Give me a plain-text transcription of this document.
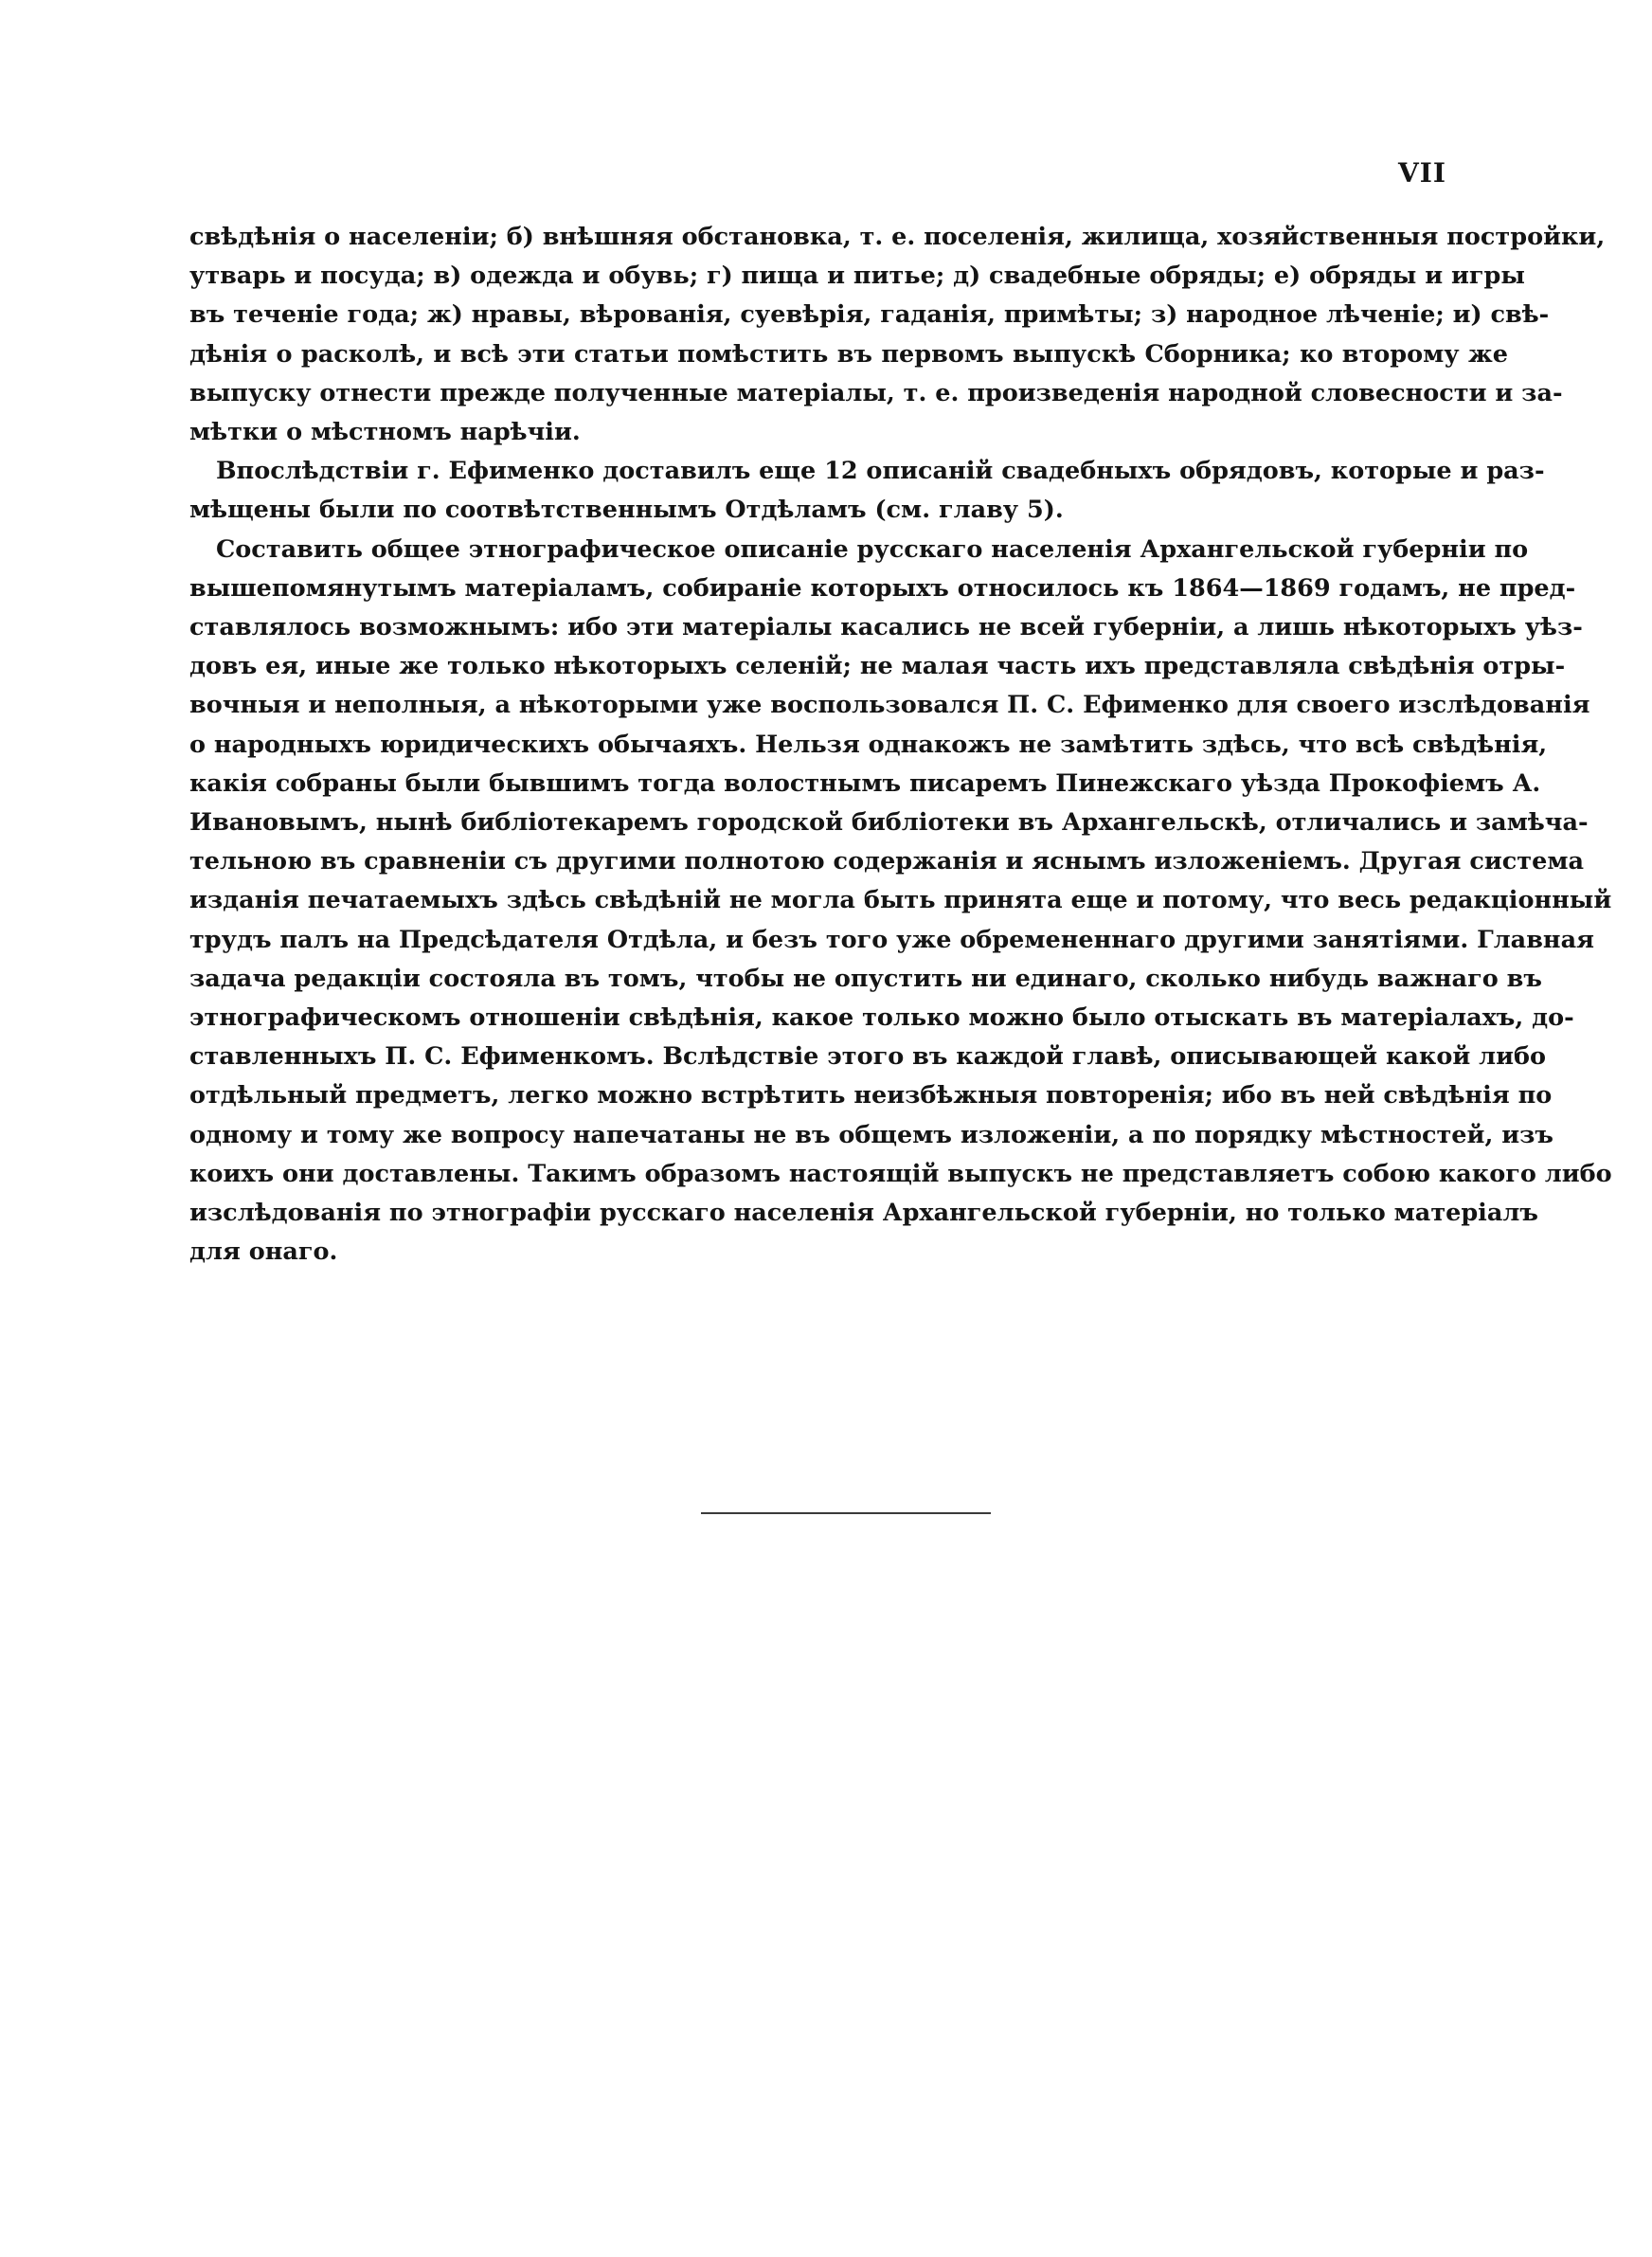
VII
свѣдѣнія о населеніи; б) внѣшняя обстановка, т. е. поселенія, жилища, хозяйственныя постройки,
утварь и посуда; в) одежда и обувь; г) пища и питье; д) свадебные обряды; е) обряды и игры
въ теченіе года; ж) нравы, вѣрованія, суевѣрія, гаданія, примѣты; з) народное лѣченіе; и) свѣ-
дѣнія о расколѣ, и всѣ эти статьи помѣстить въ первомъ выпускѣ Сборника; ко второму же
выпуску отнести прежде полученные матеріалы, т. е. произведенія народной словесности и за-
мѣтки о мѣстномъ нарѣчіи.
Впослѣдствіи г. Ефименко доставилъ еще 12 описаній свадебныхъ обрядовъ, которые и раз-
мѣщены были по соотвѣтственнымъ Отдѣламъ (см. главу 5).
Составить общее этнографическое описаніе русскаго населенія Архангельской губерніи по
вышепомянутымъ матеріаламъ, собираніе которыхъ относилось къ 1864—1869 годамъ, не пред-
ставлялось возможнымъ: ибо эти матеріалы касались не всей губерніи, а лишь нѣкоторыхъ уѣз-
довъ ея, иные же только нѣкоторыхъ селеній; не малая часть ихъ представляла свѣдѣнія отры-
вочныя и неполныя, а нѣкоторыми уже воспользовался П. С. Ефименко для своего изслѣдованія
о народныхъ юридическихъ обычаяхъ. Нельзя однакожъ не замѣтить здѣсь, что всѣ свѣдѣнія,
какія собраны были бывшимъ тогда волостнымъ писаремъ Пинежскаго уѣзда Прокофіемъ А.
Ивановымъ, нынѣ библіотекаремъ городской библіотеки въ Архангельскѣ, отличались и замѣча-
тельною въ сравненіи съ другими полнотою содержанія и яснымъ изложеніемъ. Другая система
изданія печатаемыхъ здѣсь свѣдѣній не могла быть принята еще и потому, что весь редакціонный
трудъ палъ на Предсѣдателя Отдѣла, и безъ того уже обремененнаго другими занятіями. Главная
задача редакціи состояла въ томъ, чтобы не опустить ни единаго, сколько нибудь важнаго въ
этнографическомъ отношеніи свѣдѣнія, какое только можно было отыскать въ матеріалахъ, до-
ставленныхъ П. С. Ефименкомъ. Вслѣдствіе этого въ каждой главѣ, описывающей какой либо
отдѣльный предметъ, легко можно встрѣтить неизбѣжныя повторенія; ибо въ ней свѣдѣнія по
одному и тому же вопросу напечатаны не въ общемъ изложеніи, а по порядку мѣстностей, изъ
коихъ они доставлены. Такимъ образомъ настоящій выпускъ не представляетъ собою какого либо
изслѣдованія по этнографіи русскаго населенія Архангельской губерніи, но только матеріалъ
для онаго.
